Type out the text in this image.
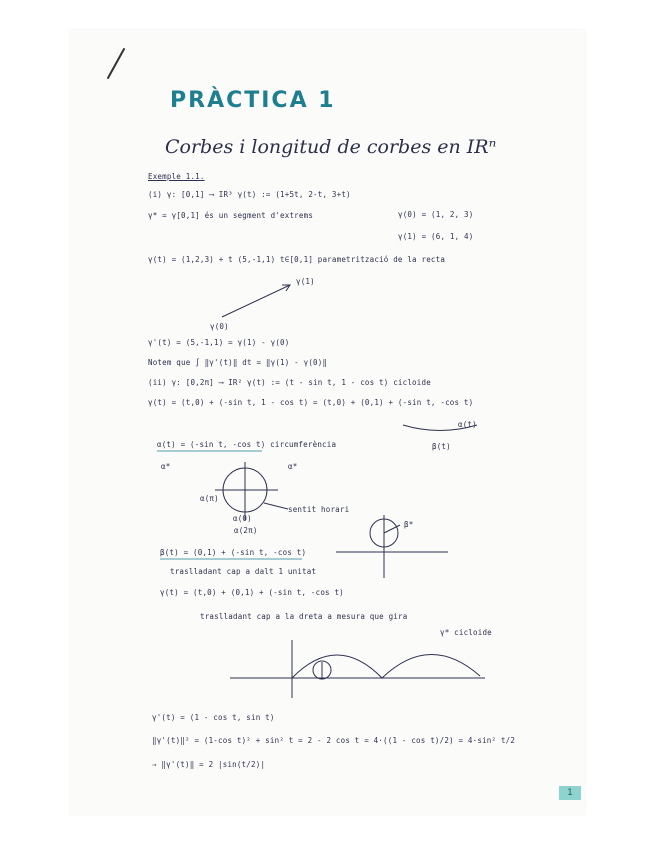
PRÀCTICA 1
Corbes i longitud de corbes en IRⁿ
Exemple 1.1.
(i) γ: [0,1] ⟶ IR³ γ(t) := (1+5t, 2-t, 3+t)
γ* = γ[0,1] és un segment d'extrems	γ(0) = (1, 2, 3)
γ(1) = (6, 1, 4)
γ(t) = (1,2,3) + t (5,-1,1) t∈[0,1] parametrització de la recta
γ(1)
γ(0)
γ'(t) = (5,-1,1) = γ(1) - γ(0)
Notem que ∫ ‖γ'(t)‖ dt = ‖γ(1) - γ(0)‖
(ii) γ: [0,2π] ⟶ IR² γ(t) := (t - sin t, 1 - cos t) cicloide
γ(t) = (t,0) + (-sin t, 1 - cos t) = (t,0) + (0,1) + (-sin t, -cos t)
α(t)
β(t)
α(t) = (-sin t, -cos t) circumferència
α*	α*
α(π)
α(0)
α(2π)
sentit horari
β*
β(t) = (0,1) + (-sin t, -cos t)
traslladant cap a dalt 1 unitat
γ(t) = (t,0) + (0,1) + (-sin t, -cos t)
traslladant cap a la dreta a mesura que gira
γ* cicloide
γ'(t) = (1 - cos t, sin t)
‖γ'(t)‖² = (1-cos t)² + sin² t = 2 - 2 cos t = 4·((1 - cos t)/2) = 4·sin² t/2
⇒ ‖γ'(t)‖ = 2 |sin(t/2)|
1
